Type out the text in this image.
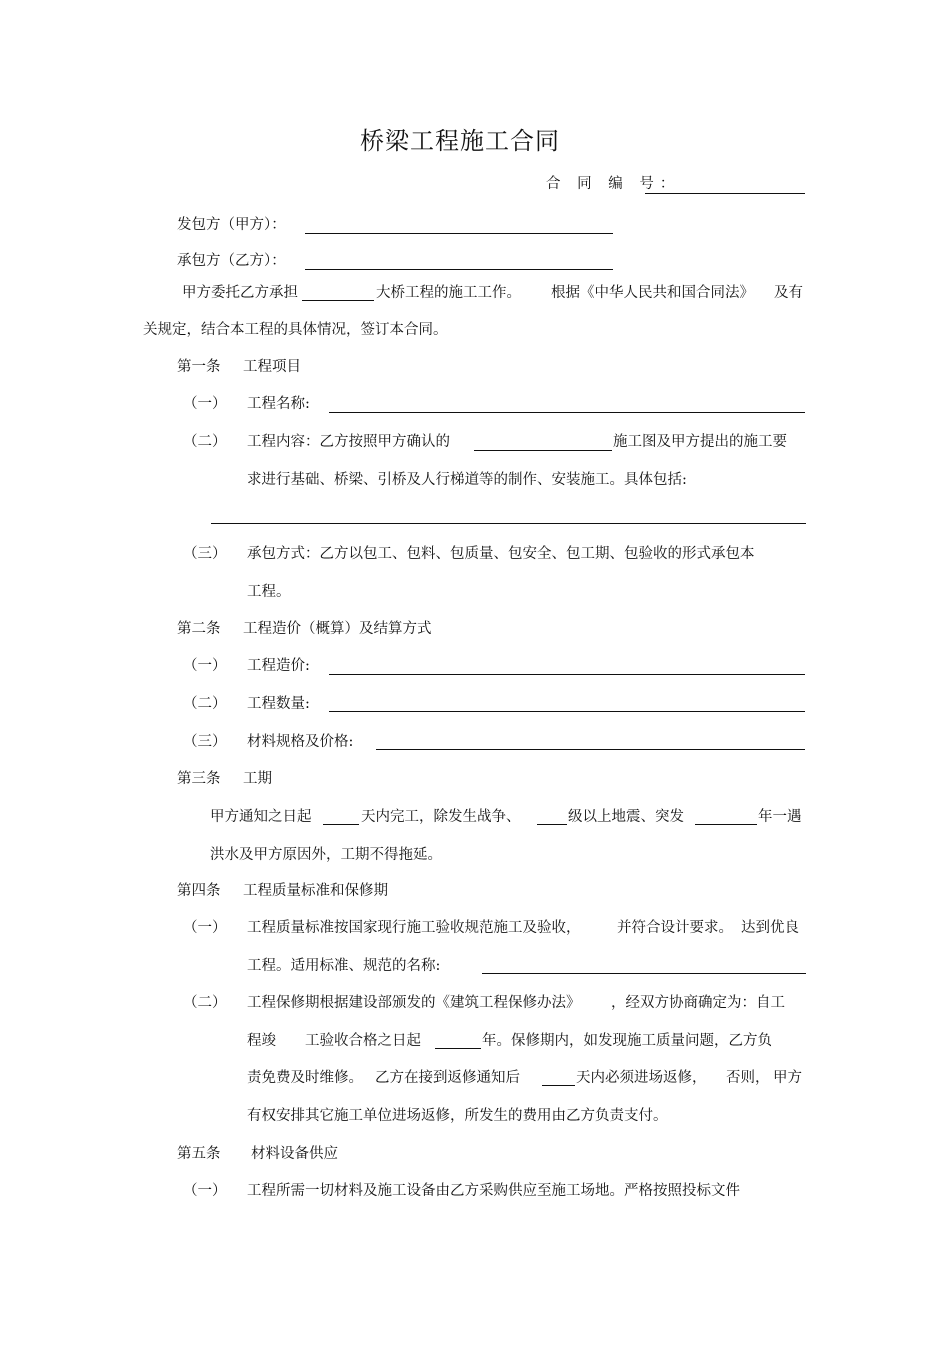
桥梁工程施工合同
合 同 编 号：
发包方（甲方）：
承包方（乙方）：
甲方委托乙方承担	大桥工程的施工工作。 根据《中华人民共和国合同法》 及有
关规定，结合本工程的具体情况，签订本合同。
第一条 工程项目
（一） 工程名称:
（二） 工程内容：乙方按照甲方确认的	施工图及甲方提出的施工要
求进行基础、桥梁、引桥及人行梯道等的制作、安装施工。具体包括:
（三） 承包方式：乙方以包工、包料、包质量、包安全、包工期、包验收的形式承包本
工程。
第二条 工程造价（概算）及结算方式
（一） 工程造价:
（二） 工程数量:
（三） 材料规格及价格:
第三条 工期
甲方通知之日起	天内完工，除发生战争、	级以上地震、突发	年一遇
洪水及甲方原因外，工期不得拖延。
第四条 工程质量标准和保修期
（一） 工程质量标准按国家现行施工验收规范施工及验收，	并符合设计要求。 达到优良
工程。适用标准、规范的名称:
（二） 工程保修期根据建设部颁发的《建筑工程保修办法》 ，经双方协商确定为：自工
程竣 工验收合格之日起	年。保修期内，如发现施工质量问题，乙方负
责免费及时维修。 乙方在接到返修通知后	天内必须进场返修， 否则， 甲方
有权安排其它施工单位进场返修，所发生的费用由乙方负责支付。
第五条 材料设备供应
（一） 工程所需一切材料及施工设备由乙方采购供应至施工场地。严格按照投标文件
